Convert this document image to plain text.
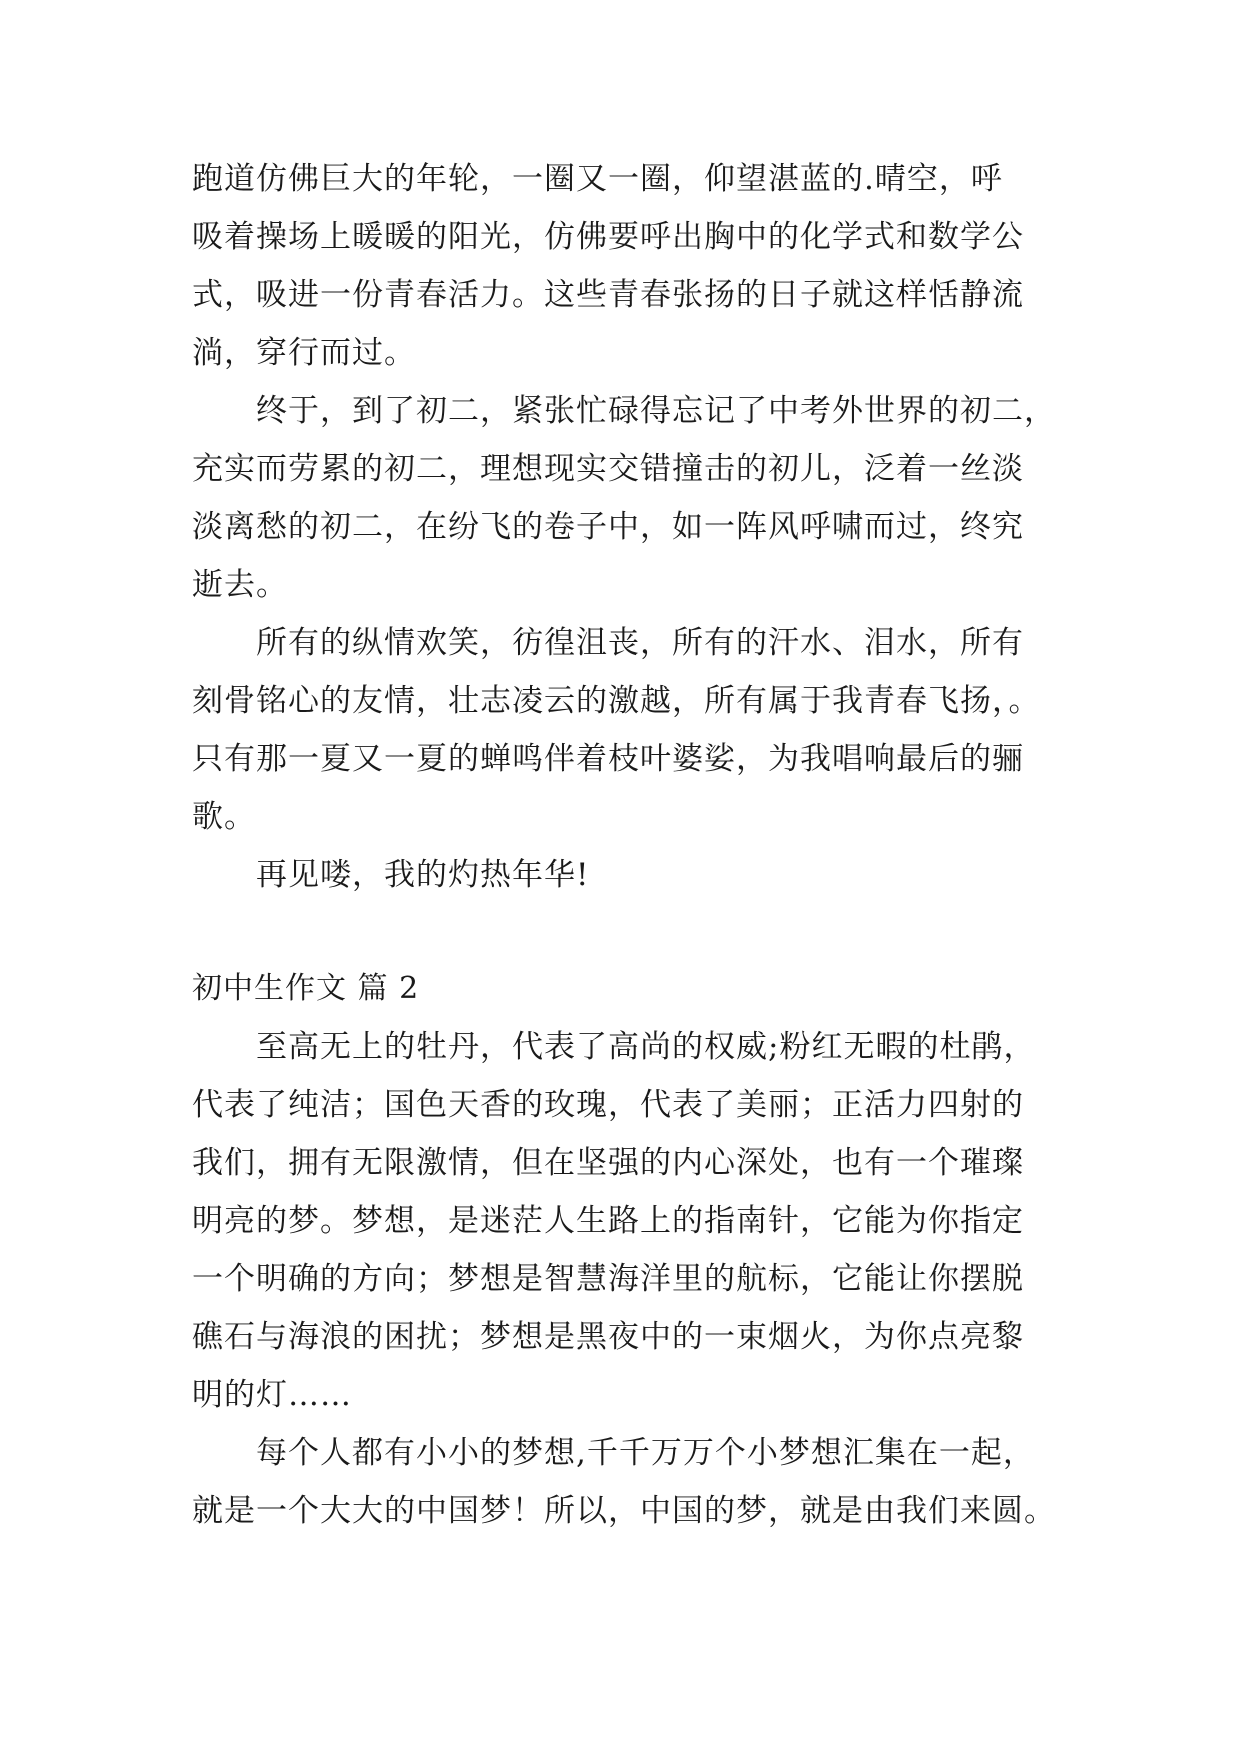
跑道仿佛巨大的年轮，一圈又一圈，仰望湛蓝的.晴空，呼
吸着操场上暖暖的阳光，仿佛要呼出胸中的化学式和数学公
式，吸进一份青春活力。这些青春张扬的日子就这样恬静流
淌，穿行而过。
终于，到了初二，紧张忙碌得忘记了中考外世界的初二，
充实而劳累的初二，理想现实交错撞击的初儿，泛着一丝淡
淡离愁的初二，在纷飞的卷子中，如一阵风呼啸而过，终究
逝去。
所有的纵情欢笑，彷徨沮丧，所有的汗水、泪水，所有
刻骨铭心的友情，壮志凌云的激越，所有属于我青春飞扬，。
只有那一夏又一夏的蝉鸣伴着枝叶婆娑，为我唱响最后的骊
歌。
再见喽，我的灼热年华!
初中生作文 篇 2
至高无上的牡丹，代表了高尚的权威;粉红无暇的杜鹃，
代表了纯洁；国色天香的玫瑰，代表了美丽；正活力四射的
我们，拥有无限激情，但在坚强的内心深处，也有一个璀璨
明亮的梦。梦想，是迷茫人生路上的指南针，它能为你指定
一个明确的方向；梦想是智慧海洋里的航标，它能让你摆脱
礁石与海浪的困扰；梦想是黑夜中的一束烟火，为你点亮黎
明的灯……
每个人都有小小的梦想,千千万万个小梦想汇集在一起，
就是一个大大的中国梦！所以，中国的梦，就是由我们来圆。
